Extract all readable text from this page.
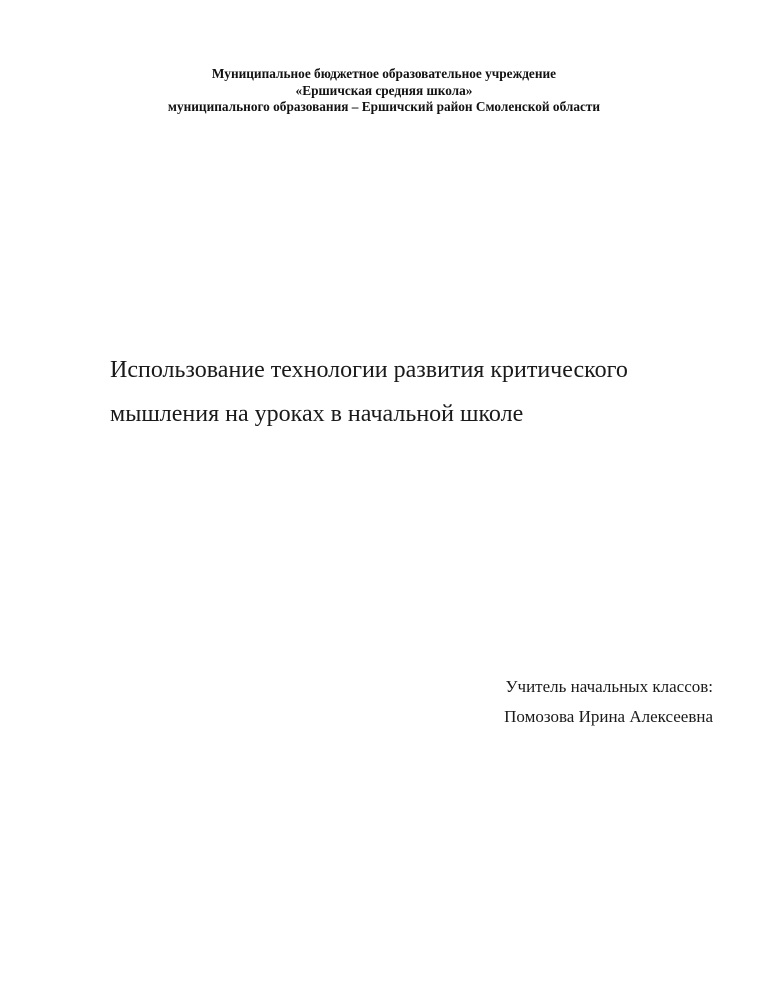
Муниципальное бюджетное образовательное учреждение
«Ершичская средняя школа»
муниципального образования – Ершичский район Смоленской области
Использование технологии развития критического
мышления на уроках в начальной школе
Учитель начальных классов:
Помозова Ирина Алексеевна
